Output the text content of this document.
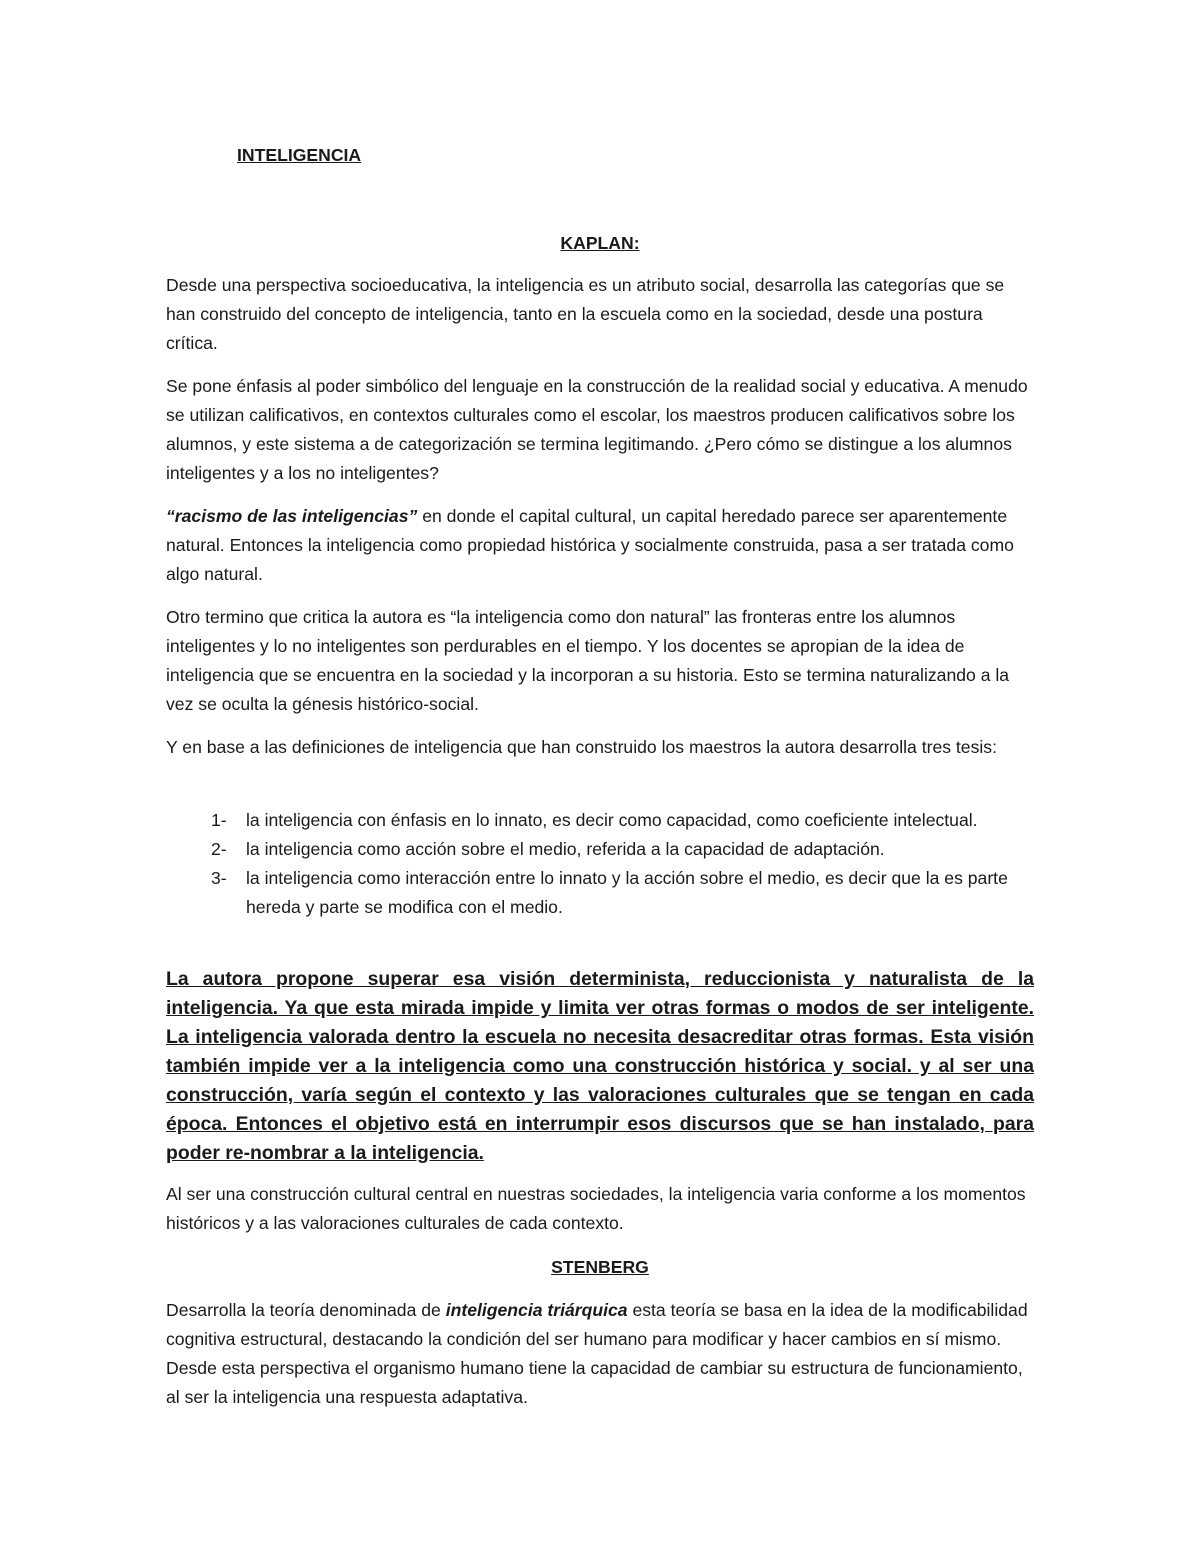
INTELIGENCIA
KAPLAN:

Desde una perspectiva socioeducativa, la inteligencia es un atributo social, desarrolla las categorías que se han construido del concepto de inteligencia, tanto en la escuela como en la sociedad, desde una postura crítica.

Se pone énfasis al poder simbólico del lenguaje en la construcción de la realidad social y educativa. A menudo se utilizan calificativos, en contextos culturales como el escolar, los maestros producen calificativos sobre los alumnos, y este sistema a de categorización se termina legitimando. ¿Pero cómo se distingue a los alumnos inteligentes y a los no inteligentes?

“racismo de las inteligencias” en donde el capital cultural, un capital heredado parece ser aparentemente natural. Entonces la inteligencia como propiedad histórica y socialmente construida, pasa a ser tratada como algo natural.

Otro termino que critica la autora es “la inteligencia como don natural” las fronteras entre los alumnos inteligentes y lo no inteligentes son perdurables en el tiempo. Y los docentes se apropian de la idea de inteligencia que se encuentra en la sociedad y la incorporan a su historia. Esto se termina naturalizando a la vez se oculta la génesis histórico-social.

Y en base a las definiciones de inteligencia que han construido los maestros la autora desarrolla tres tesis:

1- la inteligencia con énfasis en lo innato, es decir como capacidad, como coeficiente intelectual.
2- la inteligencia como acción sobre el medio, referida a la capacidad de adaptación.
3- la inteligencia como interacción entre lo innato y la acción sobre el medio, es decir que la es parte hereda y parte se modifica con el medio.

La autora propone superar esa visión determinista, reduccionista y naturalista de la inteligencia. Ya que esta mirada impide y limita ver otras formas o modos de ser inteligente. La inteligencia valorada dentro la escuela no necesita desacreditar otras formas. Esta visión también impide ver a la inteligencia como una construcción histórica y social. y al ser una construcción, varía según el contexto y las valoraciones culturales que se tengan en cada época. Entonces el objetivo está en interrumpir esos discursos que se han instalado, para poder re-nombrar a la inteligencia.

Al ser una construcción cultural central en nuestras sociedades, la inteligencia varia conforme a los momentos históricos y a las valoraciones culturales de cada contexto.

STENBERG

Desarrolla la teoría denominada de inteligencia triárquica esta teoría se basa en la idea de la modificabilidad cognitiva estructural, destacando la condición del ser humano para modificar y hacer cambios en sí mismo. Desde esta perspectiva el organismo humano tiene la capacidad de cambiar su estructura de funcionamiento, al ser la inteligencia una respuesta adaptativa.
